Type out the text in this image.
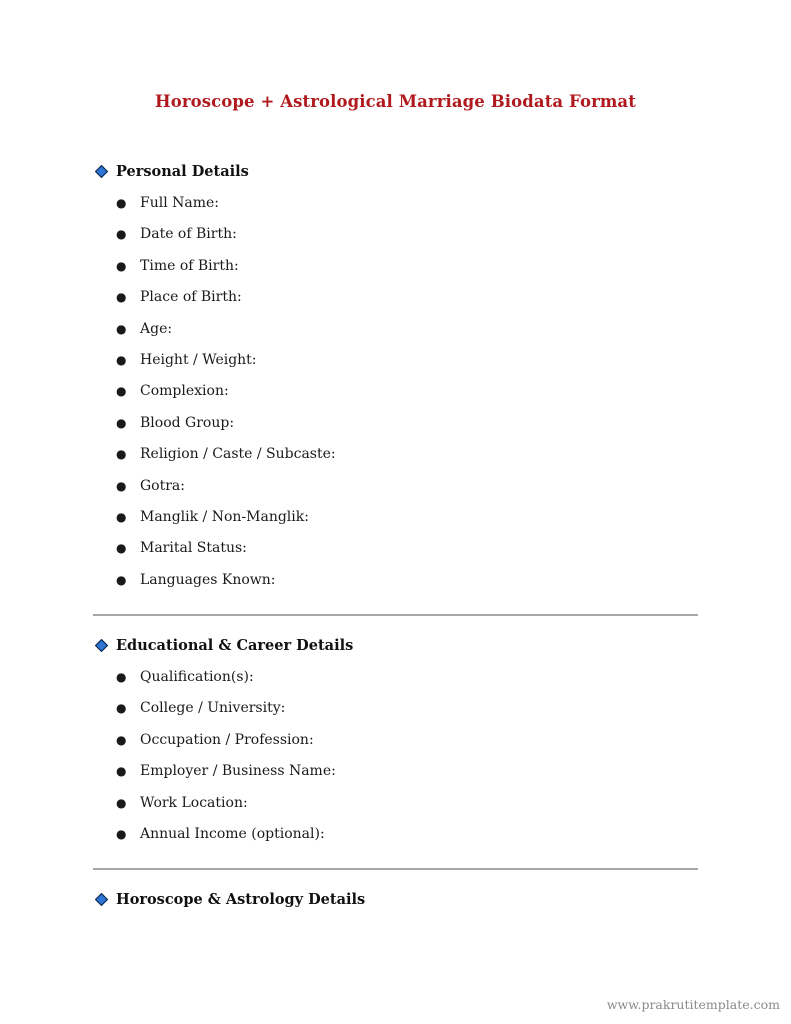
Horoscope + Astrological Marriage Biodata Format
Personal Details
● Full Name:
● Date of Birth:
● Time of Birth:
● Place of Birth:
● Age:
● Height / Weight:
● Complexion:
● Blood Group:
● Religion / Caste / Subcaste:
● Gotra:
● Manglik / Non-Manglik:
● Marital Status:
● Languages Known:
Educational & Career Details
● Qualification(s):
● College / University:
● Occupation / Profession:
● Employer / Business Name:
● Work Location:
● Annual Income (optional):
Horoscope & Astrology Details
www.prakrutitemplate.com
